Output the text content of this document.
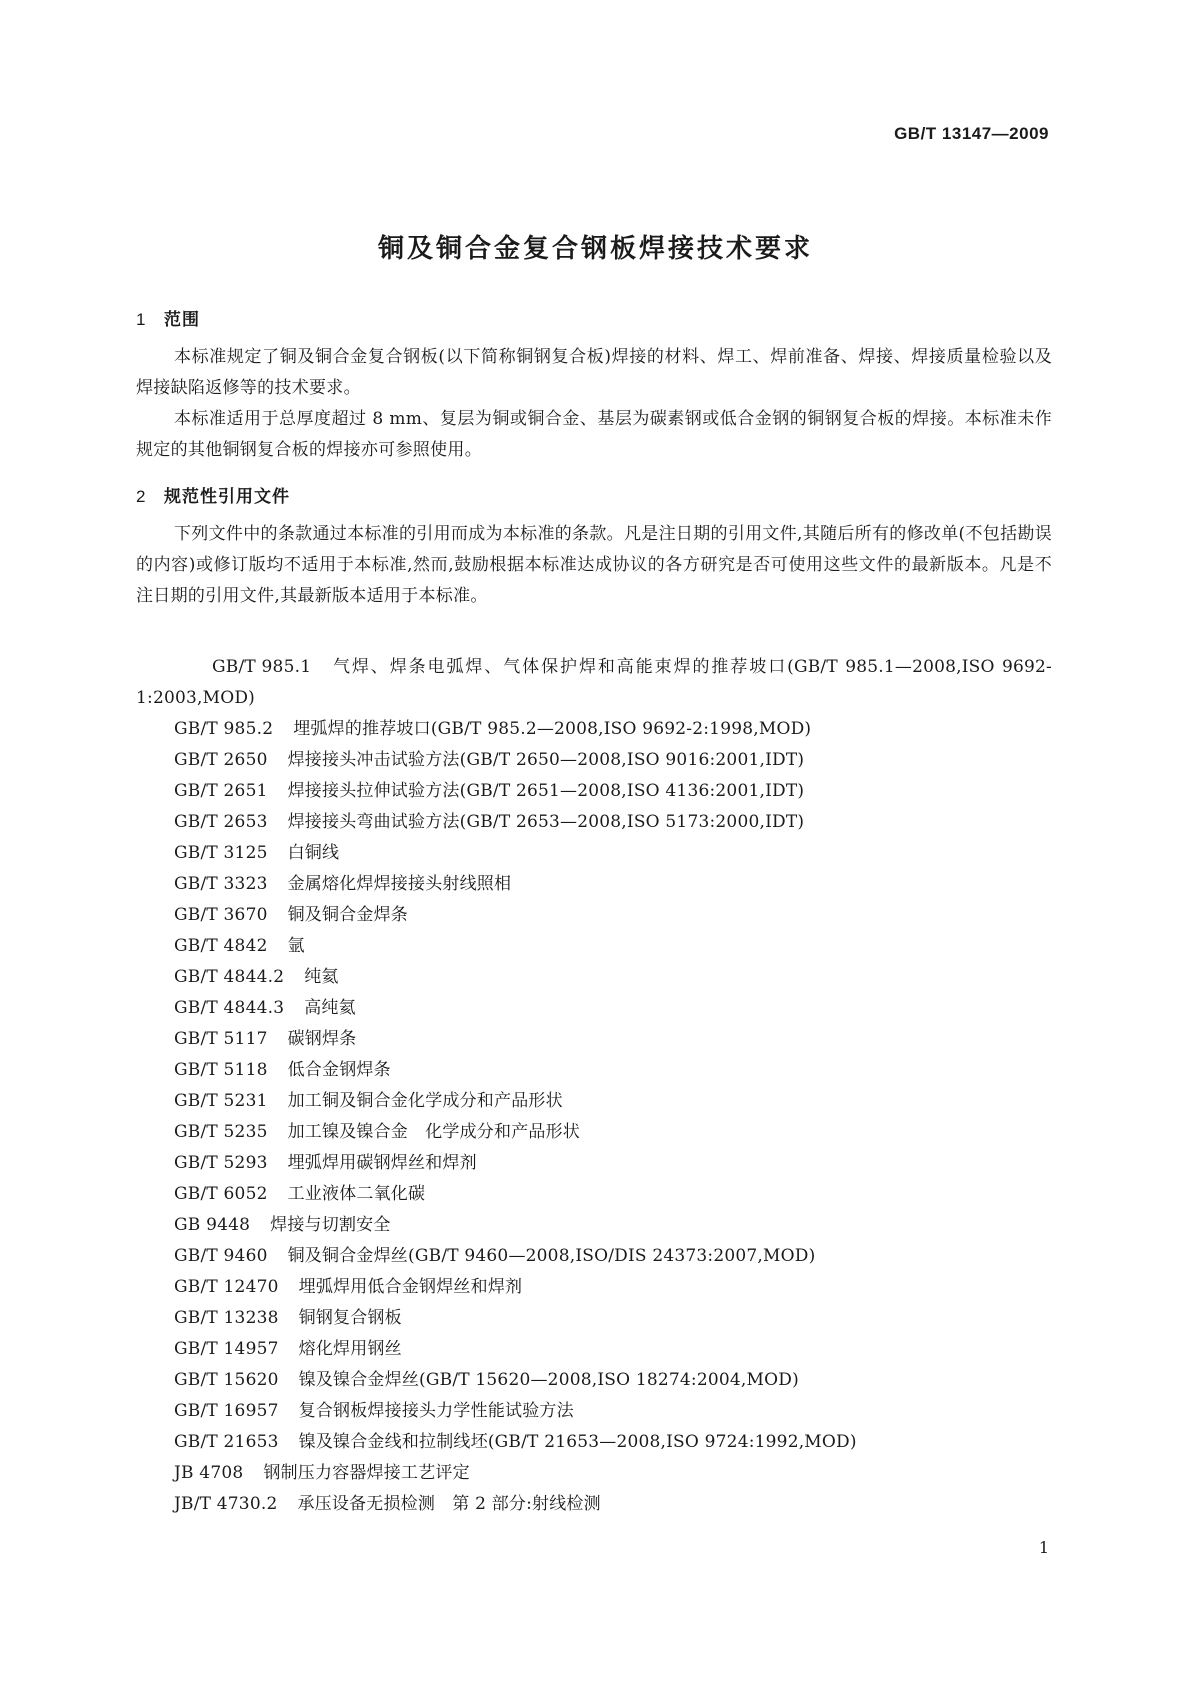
GB/T 13147—2009
铜及铜合金复合钢板焊接技术要求
1 范围

本标准规定了铜及铜合金复合钢板(以下简称铜钢复合板)焊接的材料、焊工、焊前准备、焊接、焊接质量检验以及焊接缺陷返修等的技术要求。

本标准适用于总厚度超过 8 mm、复层为铜或铜合金、基层为碳素钢或低合金钢的铜钢复合板的焊接。本标准未作规定的其他铜钢复合板的焊接亦可参照使用。

2 规范性引用文件

下列文件中的条款通过本标准的引用而成为本标准的条款。凡是注日期的引用文件,其随后所有的修改单(不包括勘误的内容)或修订版均不适用于本标准,然而,鼓励根据本标准达成协议的各方研究是否可使用这些文件的最新版本。凡是不注日期的引用文件,其最新版本适用于本标准。

GB/T 985.1 气焊、焊条电弧焊、气体保护焊和高能束焊的推荐坡口(GB/T 985.1—2008,ISO 9692-1:2003,MOD)
GB/T 985.2 埋弧焊的推荐坡口(GB/T 985.2—2008,ISO 9692-2:1998,MOD)
GB/T 2650 焊接接头冲击试验方法(GB/T 2650—2008,ISO 9016:2001,IDT)
GB/T 2651 焊接接头拉伸试验方法(GB/T 2651—2008,ISO 4136:2001,IDT)
GB/T 2653 焊接接头弯曲试验方法(GB/T 2653—2008,ISO 5173:2000,IDT)
GB/T 3125 白铜线
GB/T 3323 金属熔化焊焊接接头射线照相
GB/T 3670 铜及铜合金焊条
GB/T 4842 氩
GB/T 4844.2 纯氦
GB/T 4844.3 高纯氦
GB/T 5117 碳钢焊条
GB/T 5118 低合金钢焊条
GB/T 5231 加工铜及铜合金化学成分和产品形状
GB/T 5235 加工镍及镍合金　化学成分和产品形状
GB/T 5293 埋弧焊用碳钢焊丝和焊剂
GB/T 6052 工业液体二氧化碳
GB 9448 焊接与切割安全
GB/T 9460 铜及铜合金焊丝(GB/T 9460—2008,ISO/DIS 24373:2007,MOD)
GB/T 12470 埋弧焊用低合金钢焊丝和焊剂
GB/T 13238 铜钢复合钢板
GB/T 14957 熔化焊用钢丝
GB/T 15620 镍及镍合金焊丝(GB/T 15620—2008,ISO 18274:2004,MOD)
GB/T 16957 复合钢板焊接接头力学性能试验方法
GB/T 21653 镍及镍合金线和拉制线坯(GB/T 21653—2008,ISO 9724:1992,MOD)
JB 4708 钢制压力容器焊接工艺评定
JB/T 4730.2 承压设备无损检测　第 2 部分:射线检测
1
